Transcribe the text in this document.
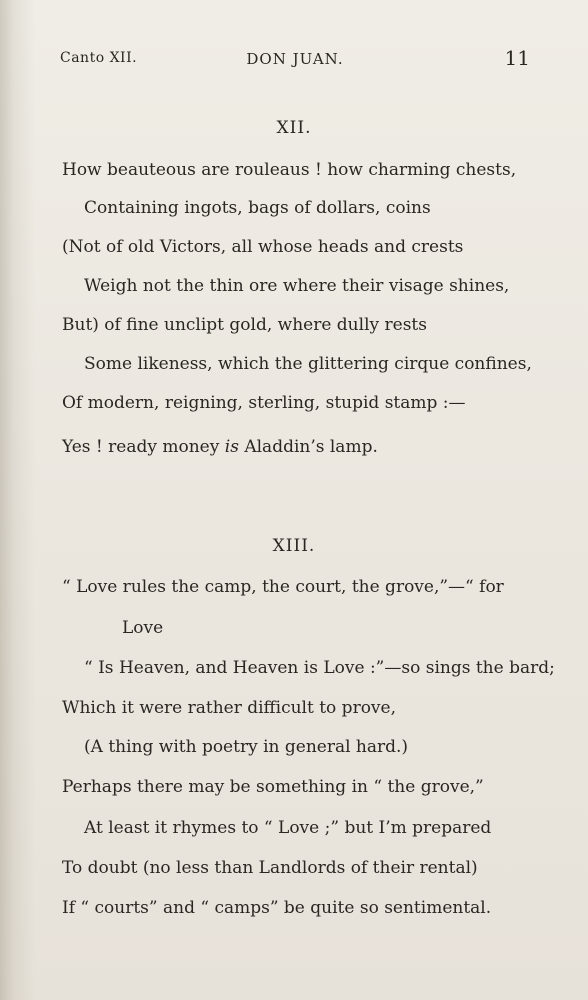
Canto XII.	DON JUAN.	11
XII.
How beauteous are rouleaus ! how charming chests,
Containing ingots, bags of dollars, coins
(Not of old Victors, all whose heads and crests
Weigh not the thin ore where their visage shines,
But) of fine unclipt gold, where dully rests
Some likeness, which the glittering cirque confines,
Of modern, reigning, sterling, stupid stamp :—
Yes ! ready money is Aladdin’s lamp.
XIII.
“ Love rules the camp, the court, the grove,”—“ for
Love
“ Is Heaven, and Heaven is Love :”—so sings the bard;
Which it were rather difficult to prove,
(A thing with poetry in general hard.)
Perhaps there may be something in “ the grove,”
At least it rhymes to “ Love ;” but I’m prepared
To doubt (no less than Landlords of their rental)
If “ courts” and “ camps” be quite so sentimental.
